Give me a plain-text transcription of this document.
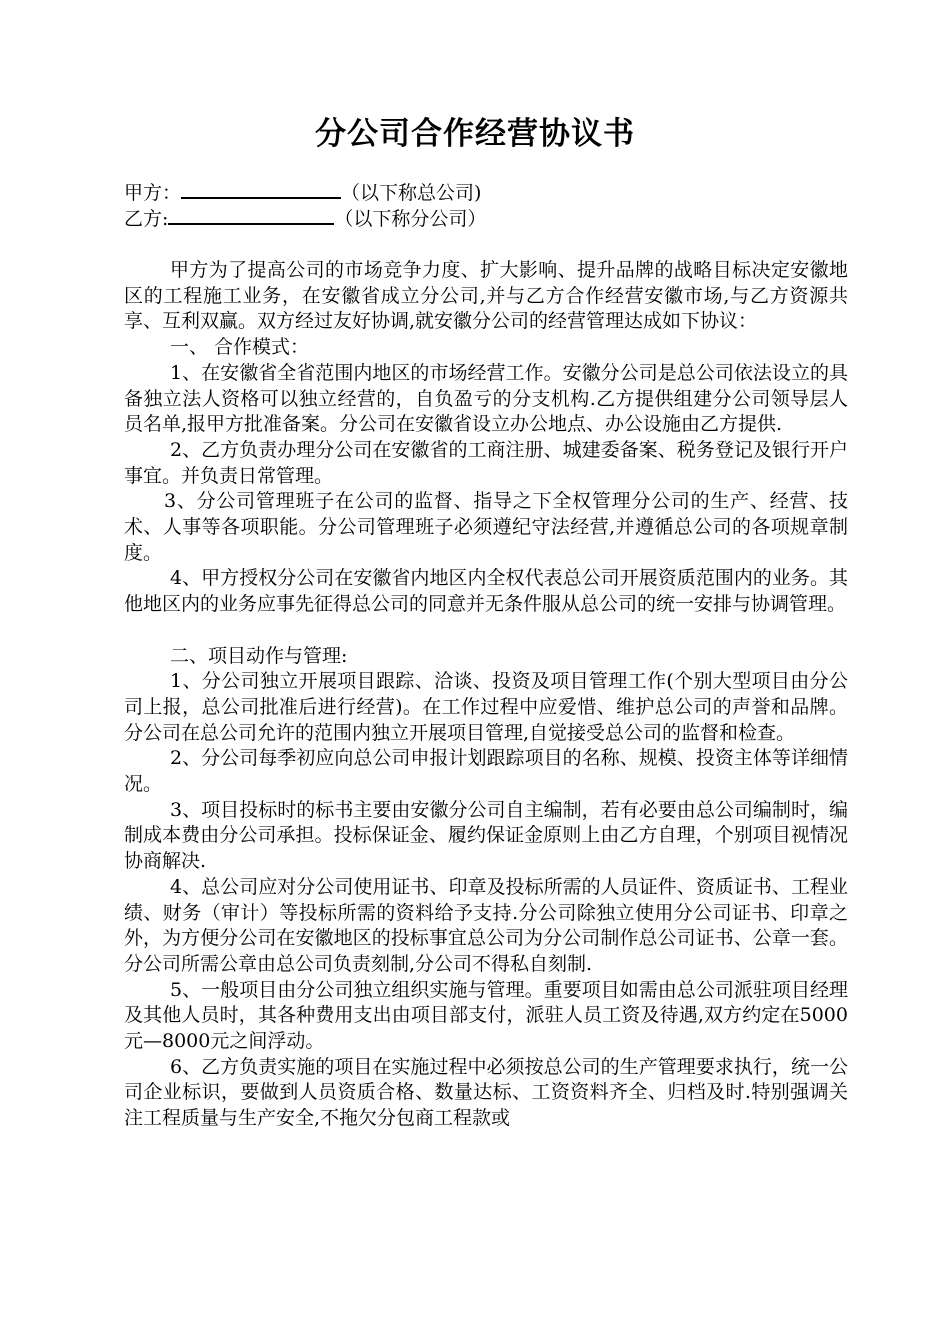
分公司合作经营协议书
甲方：	（以下称总公司)
乙方:	（以下称分公司）

甲方为了提高公司的市场竞争力度、扩大影响、提升品牌的战略目标决定安徽地区的工程施工业务，在安徽省成立分公司,并与乙方合作经营安徽市场,与乙方资源共享、互利双赢。双方经过友好协调,就安徽分公司的经营管理达成如下协议：

一、 合作模式：

1、在安徽省全省范围内地区的市场经营工作。安徽分公司是总公司依法设立的具备独立法人资格可以独立经营的，自负盈亏的分支机构.乙方提供组建分公司领导层人员名单,报甲方批准备案。分公司在安徽省设立办公地点、办公设施由乙方提供.

2、乙方负责办理分公司在安徽省的工商注册、城建委备案、税务登记及银行开户事宜。并负责日常管理。

3、分公司管理班子在公司的监督、指导之下全权管理分公司的生产、经营、技术、人事等各项职能。分公司管理班子必须遵纪守法经营,并遵循总公司的各项规章制度。

4、甲方授权分公司在安徽省内地区内全权代表总公司开展资质范围内的业务。其他地区内的业务应事先征得总公司的同意并无条件服从总公司的统一安排与协调管理。

二、项目动作与管理:

1、分公司独立开展项目跟踪、洽谈、投资及项目管理工作(个别大型项目由分公司上报，总公司批准后进行经营)。在工作过程中应爱惜、维护总公司的声誉和品牌。分公司在总公司允许的范围内独立开展项目管理,自觉接受总公司的监督和检查。

2、分公司每季初应向总公司申报计划跟踪项目的名称、规模、投资主体等详细情况。

3、项目投标时的标书主要由安徽分公司自主编制，若有必要由总公司编制时，编制成本费由分公司承担。投标保证金、履约保证金原则上由乙方自理，个别项目视情况协商解决.

4、总公司应对分公司使用证书、印章及投标所需的人员证件、资质证书、工程业绩、财务（审计）等投标所需的资料给予支持.分公司除独立使用分公司证书、印章之外，为方便分公司在安徽地区的投标事宜总公司为分公司制作总公司证书、公章一套。分公司所需公章由总公司负责刻制,分公司不得私自刻制.

5、一般项目由分公司独立组织实施与管理。重要项目如需由总公司派驻项目经理及其他人员时，其各种费用支出由项目部支付，派驻人员工资及待遇,双方约定在5000元—8000元之间浮动。

6、乙方负责实施的项目在实施过程中必须按总公司的生产管理要求执行，统一公司企业标识，要做到人员资质合格、数量达标、工资资料齐全、归档及时.特别强调关注工程质量与生产安全,不拖欠分包商工程款或
